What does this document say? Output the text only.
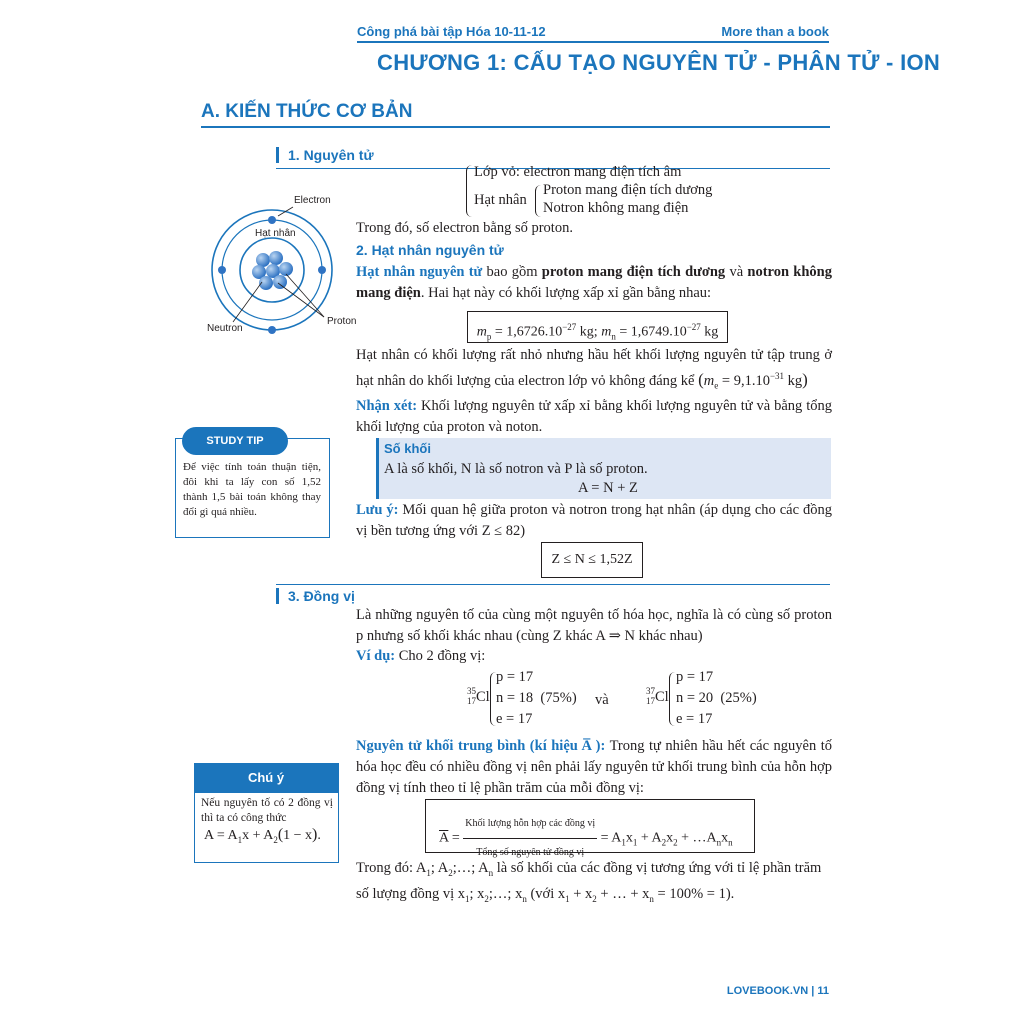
Công phá bài tập Hóa 10-11-12	More than a book
CHƯƠNG 1: CẤU TẠO NGUYÊN TỬ - PHÂN TỬ - ION
A. KIẾN THỨC CƠ BẢN
1. Nguyên tử
Lớp vỏ: electron mang điện tích âm
Hạt nhân
Proton mang điện tích dương
Notron không mang điện
Trong đó, số electron bằng số proton.
Electron
Hạt nhân
Neutron
Proton
2. Hạt nhân nguyên tử
Hạt nhân nguyên tử bao gồm proton mang điện tích dương và notron không mang điện. Hai hạt này có khối lượng xấp xỉ gần bằng nhau:
$m_p = 1,6726.10^{-27}$ kg; $m_n = 1,6749.10^{-27}$ kg
Hạt nhân có khối lượng rất nhỏ nhưng hầu hết khối lượng nguyên tử tập trung ở hạt nhân do khối lượng của electron lớp vỏ không đáng kể ($m_e = 9,1.10^{-31}$ kg)
Nhận xét: Khối lượng nguyên tử xấp xỉ bằng khối lượng nguyên tử và bằng tổng khối lượng của proton và noton.
STUDY TIP
Để việc tính toán thuận tiện, đôi khi ta lấy con số 1,52 thành 1,5 bài toán không thay đổi gì quá nhiều.
Số khối
A là số khối, N là số notron và P là số proton.
A = N + Z
Lưu ý: Mối quan hệ giữa proton và notron trong hạt nhân (áp dụng cho các đồng vị bền tương ứng với Z ≤ 82)
Z ≤ N ≤ 1,52Z
3. Đồng vị
Là những nguyên tố của cùng một nguyên tố hóa học, nghĩa là có cùng số proton p nhưng số khối khác nhau (cùng Z khác A ⇒ N khác nhau)
Ví dụ: Cho 2 đồng vị:
35
17 Cl
p = 17
n = 18  (75%)
e = 17
và
37
17 Cl
p = 17
n = 20  (25%)
e = 17
Nguyên tử khối trung bình (kí hiệu A̅ ): Trong tự nhiên hầu hết các nguyên tố hóa học đều có nhiều đồng vị nên phải lấy nguyên tử khối trung bình của hỗn hợp đồng vị tính theo tỉ lệ phần trăm của mỗi đồng vị:
Chú ý
Nếu nguyên tố có 2 đồng vị thì ta có công thức
$A = A_1x + A_2(1 - x)$.	$\overline{A} = \frac{\text{Khối lượng hỗn hợp các đồng vị}}{\text{Tổng số nguyên tử đồng vị}} = A_1x_1 + A_2x_2$ + $\dots A_nx_n$
Trong đó: $A_1$; $A_2;\dots$; $A_n$ là số khối của các đồng vị tương ứng với tỉ lệ phần trăm
số lượng đồng vị $x_1$; $x_2;\dots$; $x_n$ (với $x_1 + x_2$ + … + $x_n = 100\% = 1$).
LOVEBOOK.VN | 11
